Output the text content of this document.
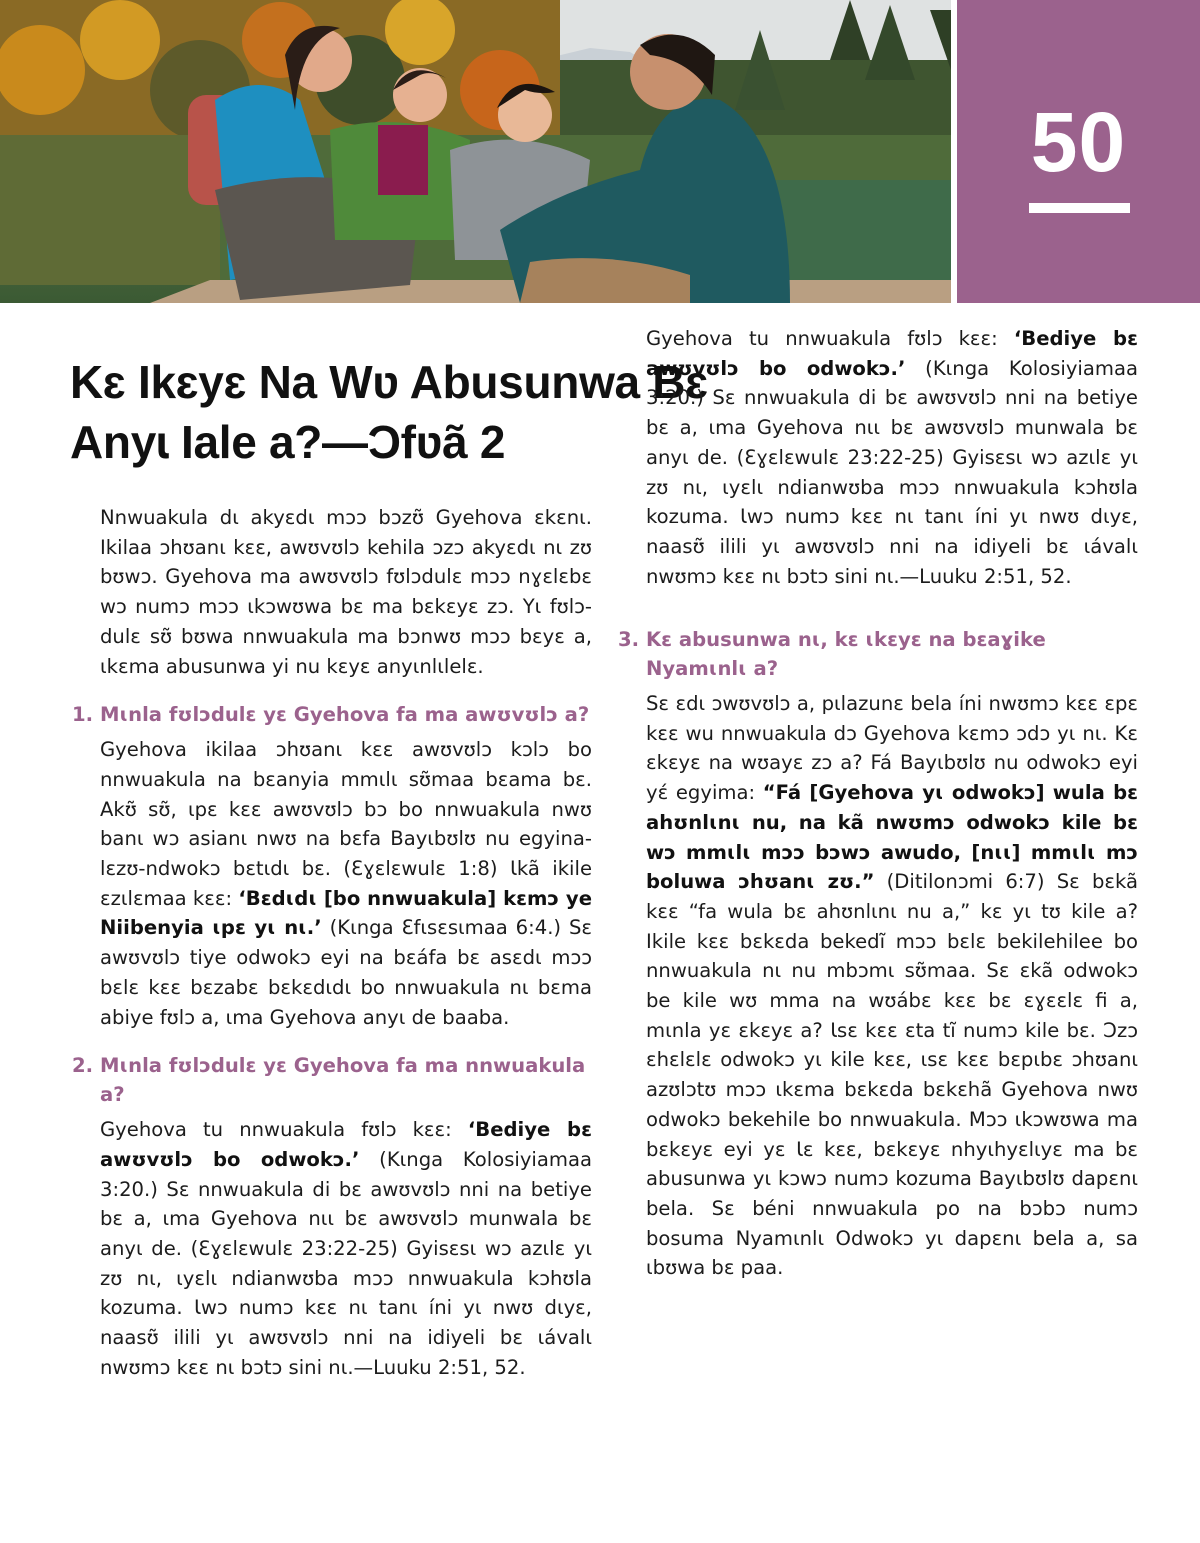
50
Kɛ Ɩkɛyɛ Na Wʋ Abusunwa Bɛ
Anyɩ Iale a?—Ɔfʋã 2

Nnwuakula dɩ akyɛdɩ mɔɔ bɔzʊ̃ Gyehova ɛkɛnɩ. Ikilaa ɔhʊanɩ kɛɛ, awʊvʊlɔ kehila ɔzɔ akyɛdɩ nɩ zʊ bʊwɔ. Gyehova ma awʊvʊlɔ fʊlɔdulɛ mɔɔ nɣɛlɛbɛ wɔ numɔ mɔɔ ɩkɔwʊwa bɛ ma bɛkɛyɛ zɔ. Yɩ fʊlɔdulɛ sʊ̃ bʊwa nnwuakula ma bɔnwʊ mɔɔ bɛyɛ a, ɩkɛma abusunwa yi nu kɛyɛ anyɩnlɩlelɛ.

1. Mɩnla fʊlɔdulɛ yɛ Gyehova fa ma awʊvʊlɔ a?

Gyehova ikilaa ɔhʊanɩ kɛɛ awʊvʊlɔ kɔlɔ bo nnwuakula na bɛanyia mmɩlɩ sʊ̃maa bɛama bɛ. Akʊ̃ sʊ̃, ɩpɛ kɛɛ awʊvʊlɔ bɔ bo nnwuakula nwʊ banɩ wɔ asianɩ nwʊ na bɛfa Bayɩbʊlʊ nu egyinalɛzʊ-ndwokɔ bɛtɩdɩ bɛ. (Ɛɣɛlɛwulɛ 1:8) Ɩkã ikile ɛzɩlɛmaa kɛɛ: ‘Bɛdɩdɩ [bo nnwuakula] kɛmɔ ye Niibenyia ɩpɛ yɩ nɩ.’ (Kɩnga Ɛfɩsɛsɩmaa 6:4.) Sɛ awʊvʊlɔ tiye odwokɔ eyi na bɛáfa bɛ asɛdɩ mɔɔ bɛlɛ kɛɛ bɛzabɛ bɛkɛdɩdɩ bo nnwuakula nɩ bɛma abiye fʊlɔ a, ɩma Gyehova anyɩ de baaba.

2. Mɩnla fʊlɔdulɛ yɛ Gyehova fa ma nnwuakula a?

Gyehova tu nnwuakula fʊlɔ kɛɛ: ‘Bediye bɛ awʊvʊlɔ bo odwokɔ.’ (Kɩnga Kolosiyiamaa 3:20.) Sɛ nnwuakula di bɛ awʊvʊlɔ nni na betiye bɛ a, ɩma Gyehova nɩɩ bɛ awʊvʊlɔ munwala bɛ anyɩ de. (Ɛɣɛlɛwulɛ 23:22-25) Gyisɛsɩ wɔ azɩlɛ yɩ zʊ nɩ, ɩyɛlɩ ndianwʊba mɔɔ nnwuakula kɔhʊla kozuma. Ɩwɔ numɔ kɛɛ nɩ tanɩ íni yɩ nwʊ dɩyɛ, naasʊ̃ ilili yɩ awʊvʊlɔ nni na idiyeli bɛ ɩávalɩ nwʊmɔ kɛɛ nɩ bɔtɔ sini nɩ.—Luuku 2:51, 52.

3. Kɛ abusunwa nɩ, kɛ ɩkɛyɛ na bɛaɣike Nyamɩnlɩ a?

Sɛ ɛdɩ ɔwʊvʊlɔ a, pɩlazunɛ bela íni nwʊmɔ kɛɛ ɛpɛ kɛɛ wu nnwuakula dɔ Gyehova kɛmɔ ɔdɔ yɩ nɩ. Kɛ ɛkɛyɛ na wʊayɛ zɔ a? Fá Bayɩbʊlʊ nu odwokɔ eyi yɛ́ egyima: “Fá [Gyehova yɩ odwokɔ] wula bɛ ahʊnlɩnɩ nu, na kã nwʊmɔ odwokɔ kile bɛ wɔ mmɩlɩ mɔɔ bɔwɔ awudo, [nɩɩ] mmɩlɩ mɔ boluwa ɔhʊanɩ zʊ.” (Ditilonɔmi 6:7) Sɛ bɛkã kɛɛ “fa wula bɛ ahʊnlɩnɩ nu a,” kɛ yɩ tʊ kile a? Ikile kɛɛ bɛkɛda bekedĩ mɔɔ bɛlɛ bekilehilee bo nnwuakula nɩ nu mbɔmɩ sʊ̃maa. Sɛ ɛkã odwokɔ be kile wʊ mma na wʊábɛ kɛɛ bɛ ɛɣɛɛlɛ fi a, mɩnla yɛ ɛkɛyɛ a? Ɩsɛ kɛɛ ɛta tĩ numɔ kile bɛ. Ɔzɔ ɛhɛlɛlɛ odwokɔ yɩ kile kɛɛ, ɩsɛ kɛɛ bɛpɩbɛ ɔhʊanɩ azʊlɔtʊ mɔɔ ɩkɛma bɛkɛda bɛkɛhã Gyehova nwʊ odwokɔ bekehile bo nnwuakula. Mɔɔ ɩkɔwʊwa ma bɛkɛyɛ eyi yɛ Ɩɛ kɛɛ, bɛkɛyɛ nhyɩhyɛlɩyɛ ma bɛ abusunwa yɩ kɔwɔ numɔ kozuma Bayɩbʊlʊ dapɛnɩ bela. Sɛ béni nnwuakula po na bɔbɔ numɔ bosuma Nyamɩnlɩ Odwokɔ yɩ dapɛnɩ bela a, sa ɩbʊwa bɛ paa.

Gyehova tu nnwuakula fʊlɔ kɛɛ: ‘Bediye bɛ awʊvʊlɔ bo odwokɔ.’ (Kɩnga Kolosiyiamaa 3:20.) Sɛ nnwuakula di bɛ awʊvʊlɔ nni na betiye bɛ a, ɩma Gyehova nɩɩ bɛ awʊvʊlɔ munwala bɛ anyɩ de. (Ɛɣɛlɛwulɛ 23:22-25) Gyisɛsɩ wɔ azɩlɛ yɩ zʊ nɩ, ɩyɛlɩ ndianwʊba mɔɔ nnwuakula kɔhʊla kozuma. Ɩwɔ numɔ kɛɛ nɩ tanɩ íni yɩ nwʊ dɩyɛ, naasʊ̃ ilili yɩ awʊvʊlɔ nni na idiyeli bɛ ɩávalɩ nwʊmɔ kɛɛ nɩ bɔtɔ sini nɩ.—Luuku 2:51, 52.
